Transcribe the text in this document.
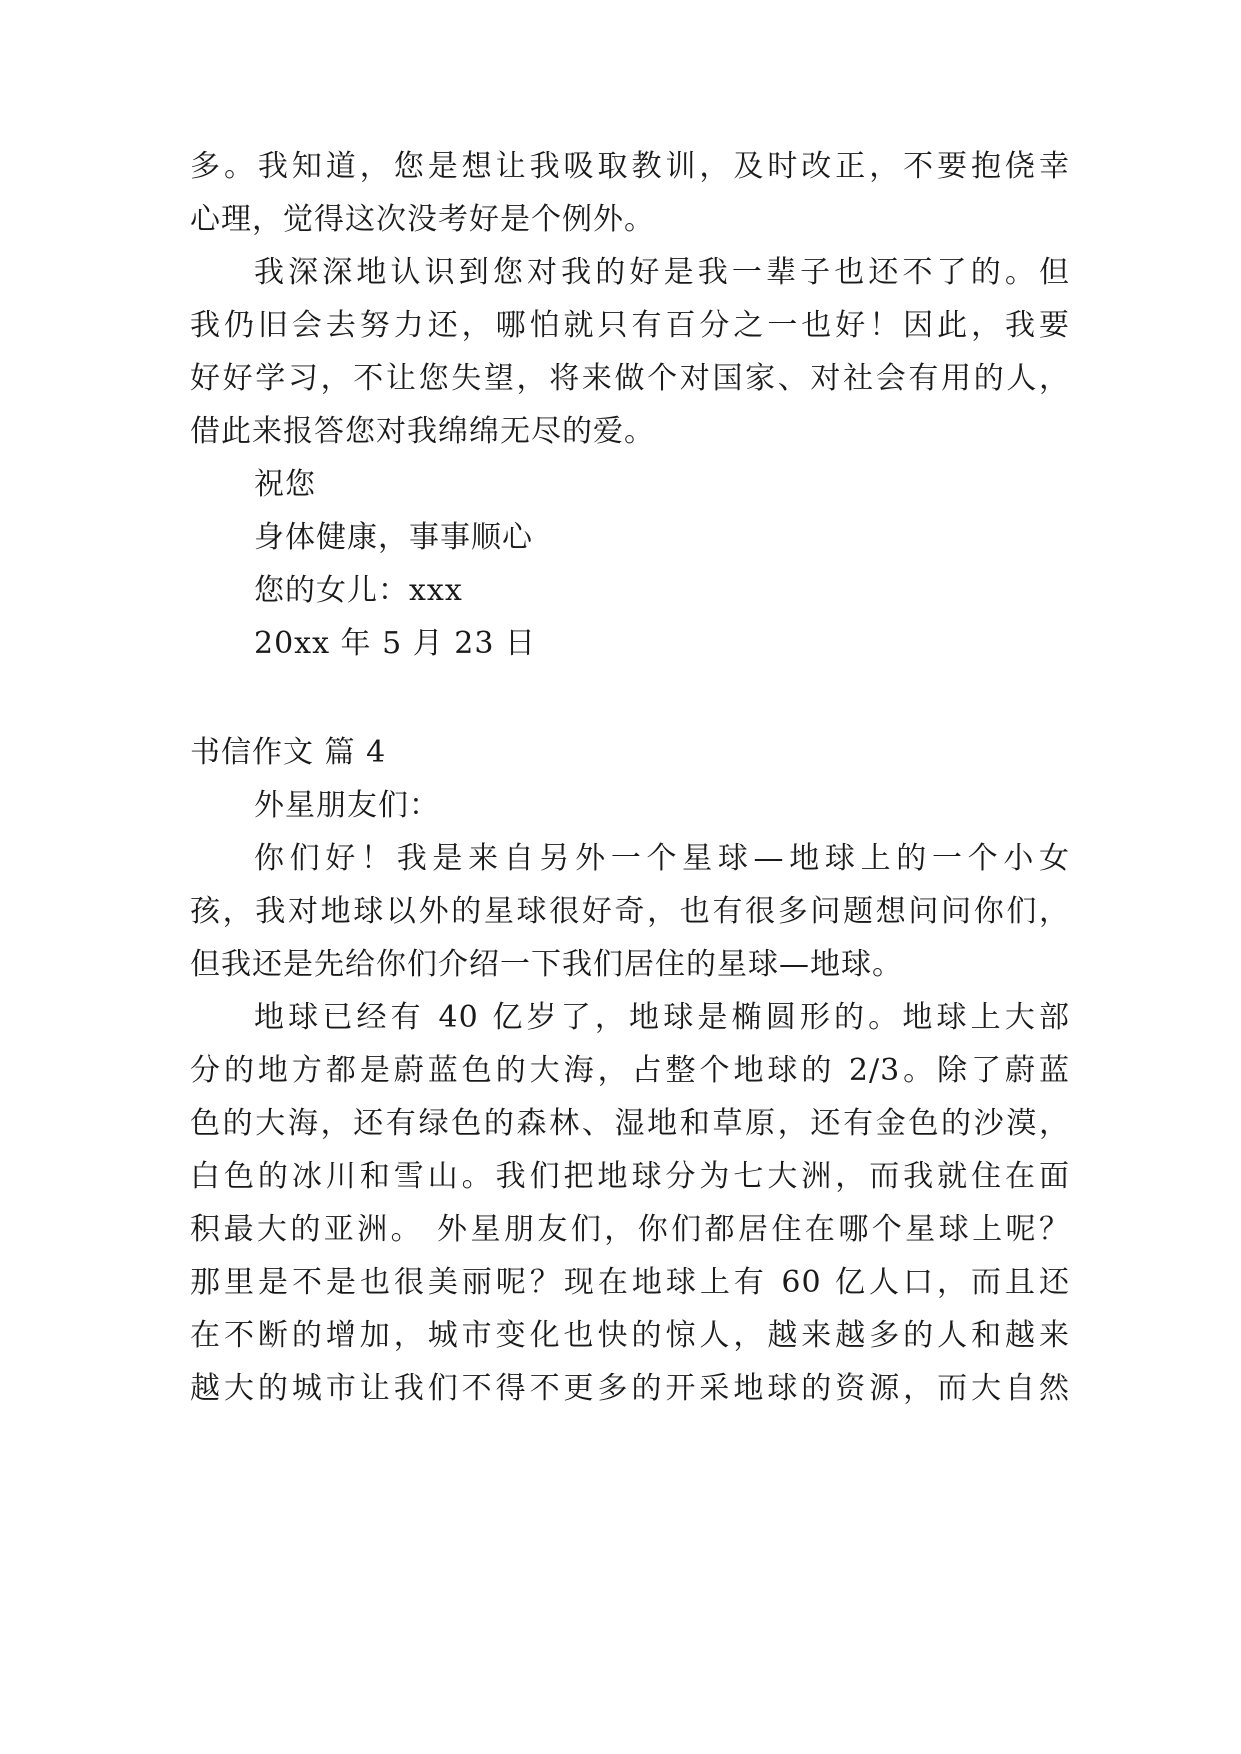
多。我知道，您是想让我吸取教训，及时改正，不要抱侥幸
心理，觉得这次没考好是个例外。
我深深地认识到您对我的好是我一辈子也还不了的。但
我仍旧会去努力还，哪怕就只有百分之一也好！因此，我要
好好学习，不让您失望，将来做个对国家、对社会有用的人，
借此来报答您对我绵绵无尽的爱。
祝您
身体健康，事事顺心
您的女儿：xxx
20xx 年 5 月 23 日
书信作文 篇 4
外星朋友们：
你们好！我是来自另外一个星球—地球上的一个小女
孩，我对地球以外的星球很好奇，也有很多问题想问问你们，
但我还是先给你们介绍一下我们居住的星球—地球。
地球已经有 40 亿岁了，地球是椭圆形的。地球上大部
分的地方都是蔚蓝色的大海，占整个地球的 2/3。除了蔚蓝
色的大海，还有绿色的森林、湿地和草原，还有金色的沙漠，
白色的冰川和雪山。我们把地球分为七大洲，而我就住在面
积最大的亚洲。 外星朋友们，你们都居住在哪个星球上呢？
那里是不是也很美丽呢？现在地球上有 60 亿人口，而且还
在不断的增加，城市变化也快的惊人，越来越多的人和越来
越大的城市让我们不得不更多的开采地球的资源，而大自然
